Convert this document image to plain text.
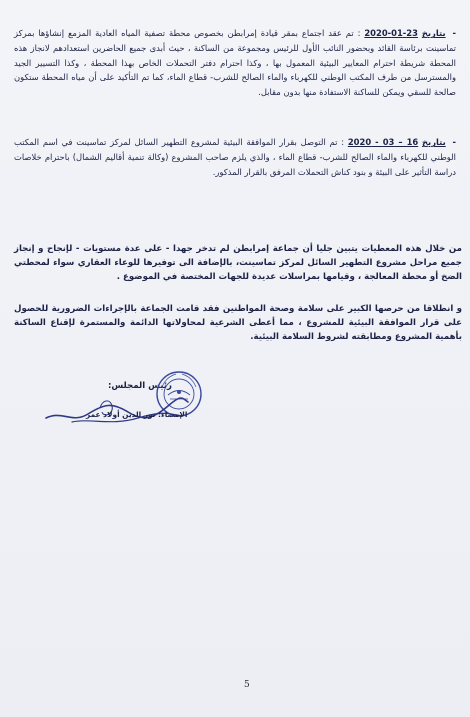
- بتاريخ 23-01-2020 : تم عقد اجتماع بمقر قيادة إمرابطن بخصوص محطة تصفية المياه العادية المزمع إنشاؤها بمركز تماسينت برئاسة القائد وبحضور النائب الأول للرئيس ومجموعة من الساكنة ، حيث أبدى جميع الحاضرين استعدادهم لانجاز هذه المحطة شريطة احترام المعايير البيئية المعمول بها ، وكذا احترام دفتر التحملات الخاص بهذا المحطة ، وكذا التسيير الجيد والمسترسل من طرف المكتب الوطني للكهرباء والماء الصالح للشرب- قطاع الماء، كما تم التأكيد على أن مياه المحطة ستكون صالحة للسقي ويمكن للساكنة الاستفادة منها بدون مقابل.

- بتاريخ 16 – 03 - 2020 : تم التوصل بقرار الموافقة البيئية لمشروع التطهير السائل لمركز تماسينت في اسم المكتب الوطني للكهرباء والماء الصالح للشرب- قطاع الماء ، والذي يلزم صاحب المشروع (وكالة تنمية أقاليم الشمال) باحترام خلاصات دراسة التأثير على البيئة و بنود كناش التحملات المرفق بالقرار المذكور.

من خلال هذه المعطيات يتبين جليا أن جماعة إمرابطن لم تدخر جهدا - على عدة مستويات - لإنجاح و إنجاز جميع مراحل مشروع التطهير السائل لمركز تماسينت، بالإضافة الى توفيرها للوعاء العقاري سواء لمحطتي الضخ أو محطة المعالجة ، وقيامها بمراسلات عديدة للجهات المختصة في الموضوع .

و انطلاقا من حرصها الكبير على سلامة وصحة المواطنين فقد قامت الجماعة بالإجراءات الضرورية للحصول على قرار الموافقة البيئية للمشروع ، مما أعطى الشرعية لمحاولاتها الدائمة والمستمرة لإقناع الساكنة بأهمية المشروع ومطابقته لشروط السلامة البيئية.

رئيس المجلس:
الإمضاء: نور الدين أولاد عمر
5
